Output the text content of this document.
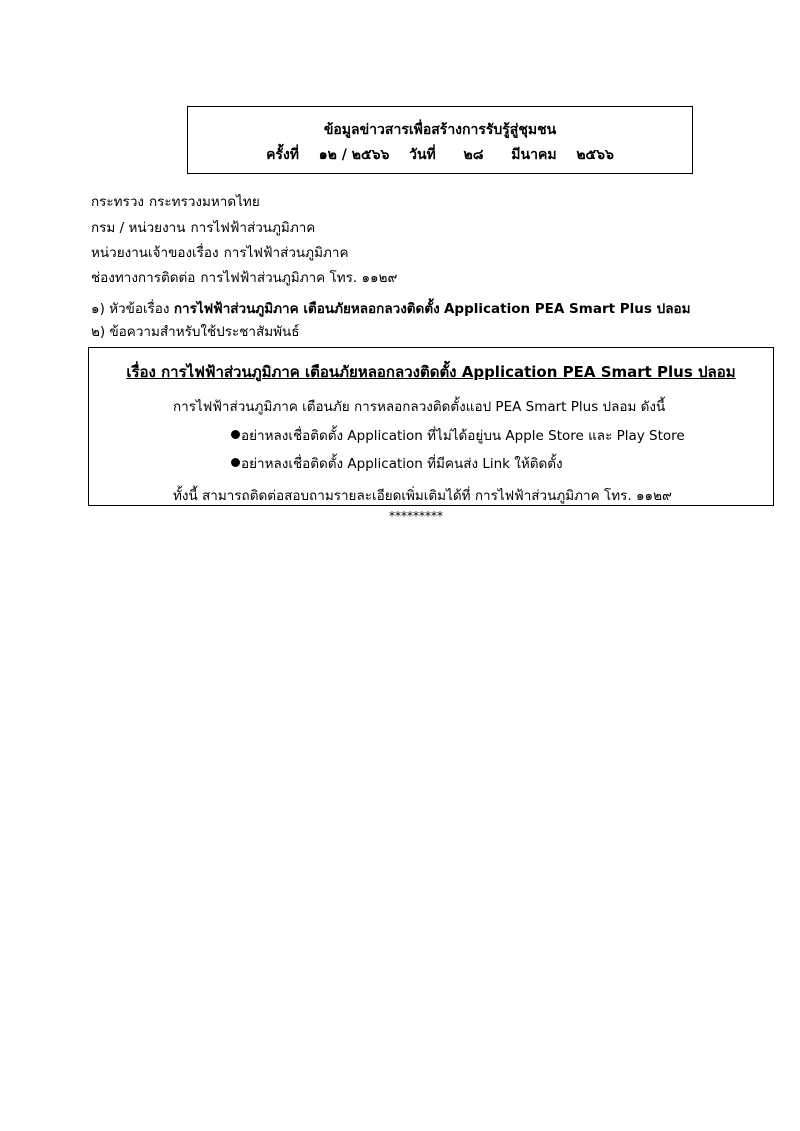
ข้อมูลข่าวสารเพื่อสร้างการรับรู้สู่ชุมชน
ครั้งที่ ๑๒ / ๒๕๖๖ วันที่ ๒๘ มีนาคม ๒๕๖๖
กระทรวง กระทรวงมหาดไทย
กรม / หน่วยงาน การไฟฟ้าส่วนภูมิภาค
หน่วยงานเจ้าของเรื่อง การไฟฟ้าส่วนภูมิภาค
ช่องทางการติดต่อ การไฟฟ้าส่วนภูมิภาค โทร. ๑๑๒๙
๑) หัวข้อเรื่อง การไฟฟ้าส่วนภูมิภาค เตือนภัยหลอกลวงติดตั้ง Application PEA Smart Plus ปลอม
๒) ข้อความสำหรับใช้ประชาสัมพันธ์
เรื่อง การไฟฟ้าส่วนภูมิภาค เตือนภัยหลอกลวงติดตั้ง Application PEA Smart Plus ปลอม
การไฟฟ้าส่วนภูมิภาค เตือนภัย การหลอกลวงติดตั้งแอป PEA Smart Plus ปลอม ดังนี้
อย่าหลงเชื่อติดตั้ง Application ที่ไม่ได้อยู่บน Apple Store และ Play Store
อย่าหลงเชื่อติดตั้ง Application ที่มีคนส่ง Link ให้ติดตั้ง
ทั้งนี้ สามารถติดต่อสอบถามรายละเอียดเพิ่มเติมได้ที่ การไฟฟ้าส่วนภูมิภาค โทร. ๑๑๒๙
*********
